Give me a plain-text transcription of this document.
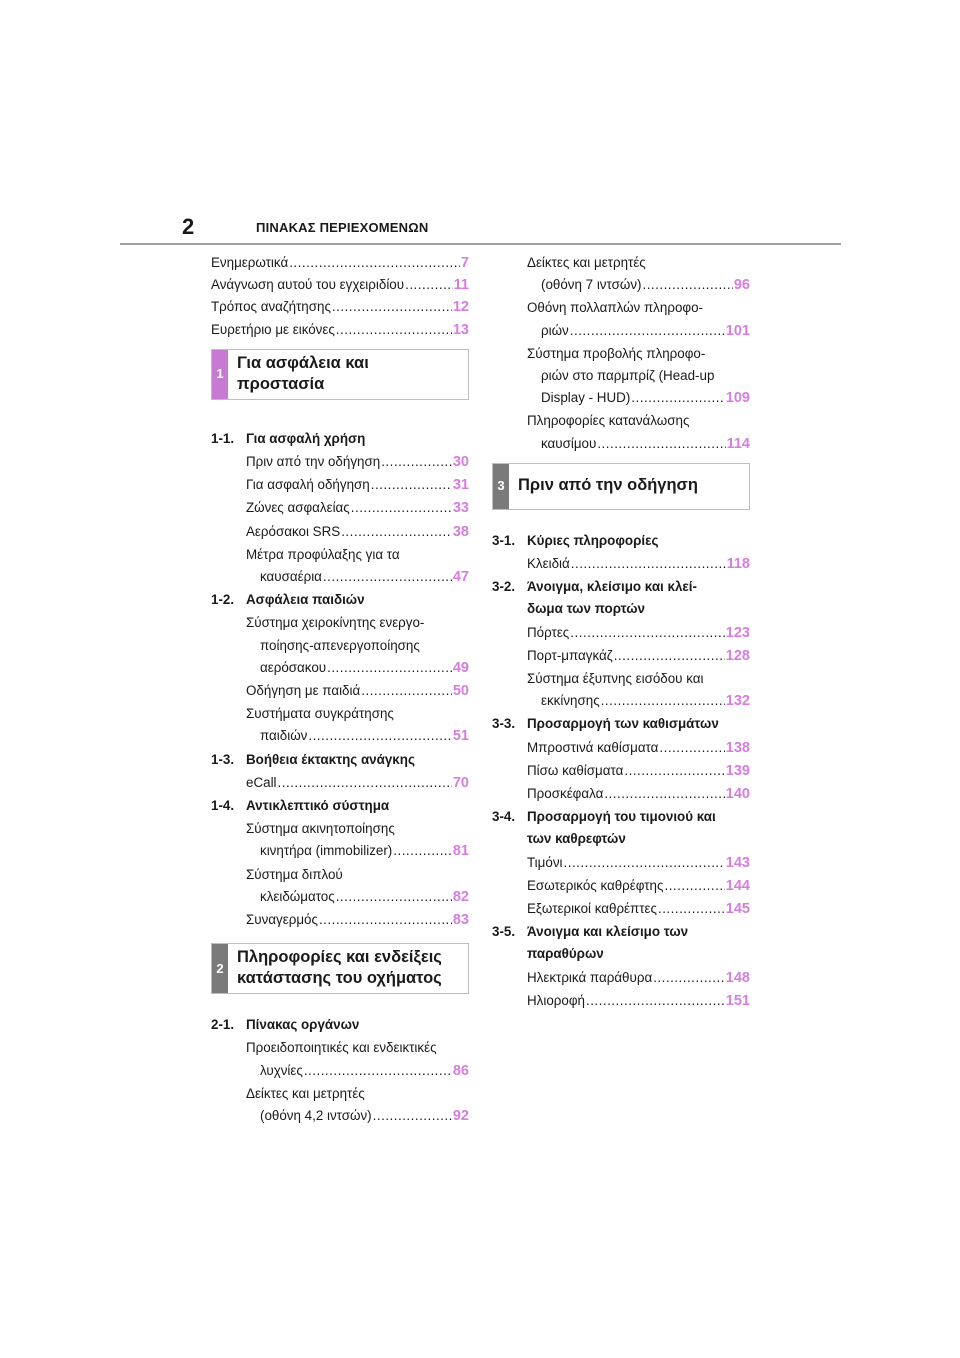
2	ΠΙΝΑΚΑΣ ΠΕΡΙΕΧΟΜΕΝΩΝ
Ενημερωτικά .....	7
Ανάγνωση αυτού του εγχειριδίου .....	11
Τρόπος αναζήτησης .....	12
Ευρετήριο με εικόνες .....	13
1
Για ασφάλεια και
προστασία
1-1. Για ασφαλή χρήση
Πριν από την οδήγηση .....	30
Για ασφαλή οδήγηση .....	31
Ζώνες ασφαλείας .....	33
Αερόσακοι SRS .....	38
Μέτρα προφύλαξης για τα
καυσαέρια .....	47
1-2. Ασφάλεια παιδιών
Σύστημα χειροκίνητης ενεργο-
ποίησης-απενεργοποίησης
αερόσακου .....	49
Οδήγηση με παιδιά .....	50
Συστήματα συγκράτησης
παιδιών .....	51
1-3. Βοήθεια έκτακτης ανάγκης
eCall .....	70
1-4. Αντικλεπτικό σύστημα
Σύστημα ακινητοποίησης
κινητήρα (immobilizer) .....	81
Σύστημα διπλού
κλειδώματος .....	82
Συναγερμός .....	83
2
Πληροφορίες και ενδείξεις
κατάστασης του οχήματος
2-1. Πίνακας οργάνων
Προειδοποιητικές και ενδεικτικές
λυχνίες .....	86
Δείκτες και μετρητές
(οθόνη 4,2 ιντσών) .....	92
Δείκτες και μετρητές
(οθόνη 7 ιντσών) .....	96
Οθόνη πολλαπλών πληροφο-
ριών .....	101
Σύστημα προβολής πληροφο-
ριών στο παρμπρίζ (Head-up
Display - HUD) .....	109
Πληροφορίες κατανάλωσης
καυσίμου .....	114
3 Πριν από την οδήγηση
3-1. Κύριες πληροφορίες
Κλειδιά .....	118
3-2. Άνοιγμα, κλείσιμο και κλεί-
δωμα των πορτών
Πόρτες .....	123
Πορτ-μπαγκάζ .....	128
Σύστημα έξυπνης εισόδου και
εκκίνησης .....	132
3-3. Προσαρμογή των καθισμάτων
Μπροστινά καθίσματα .....	138
Πίσω καθίσματα .....	139
Προσκέφαλα .....	140
3-4. Προσαρμογή του τιμονιού και
των καθρεφτών
Τιμόνι .....	143
Εσωτερικός καθρέφτης .....	144
Εξωτερικοί καθρέπτες .....	145
3-5. Άνοιγμα και κλείσιμο των
παραθύρων
Ηλεκτρικά παράθυρα .....	148
Ηλιοροφή .....	151
